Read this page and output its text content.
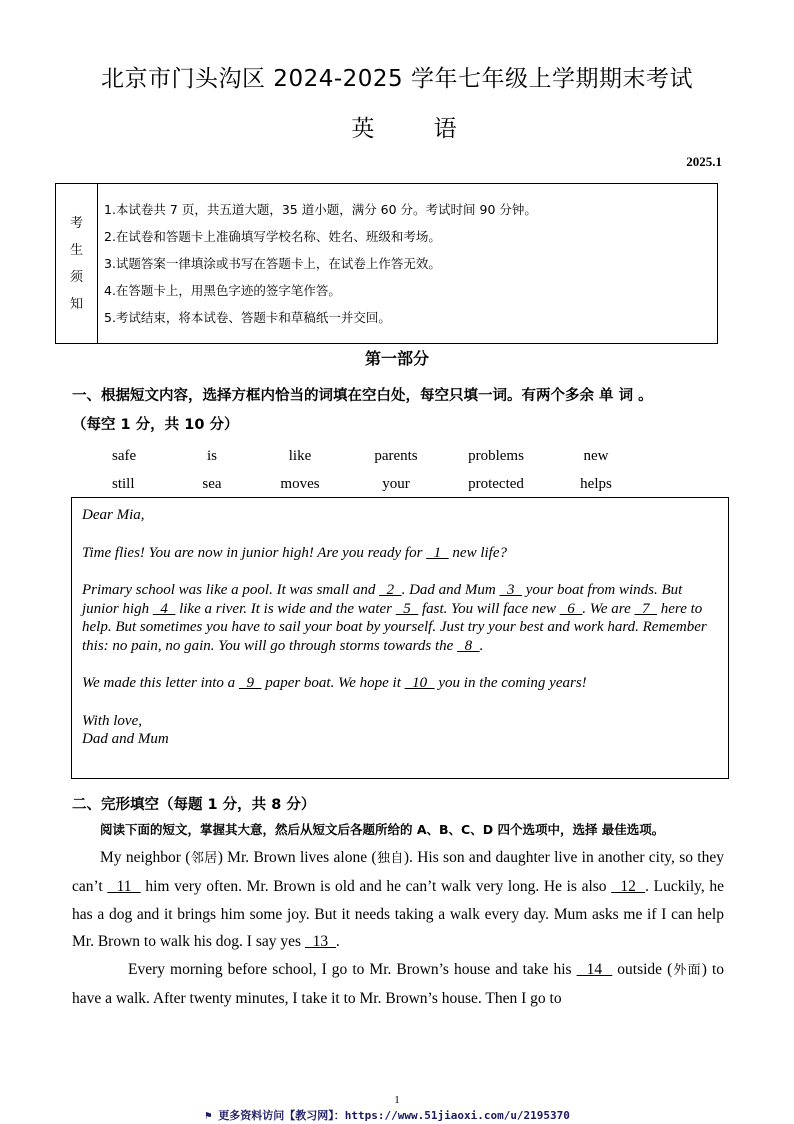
北京市门头沟区 2024-2025 学年七年级上学期期末考试
英 语
2025.1
考
生
须
知
1.本试卷共 7 页，共五道大题，35 道小题，满分 60 分。考试时间 90 分钟。
2.在试卷和答题卡上准确填写学校名称、姓名、班级和考场。
3.试题答案一律填涂或书写在答题卡上，在试卷上作答无效。
4.在答题卡上，用黑色字迹的签字笔作答。
5.考试结束，将本试卷、答题卡和草稿纸一并交回。
第一部分
一、根据短文内容，选择方框内恰当的词填在空白处，每空只填一词。有两个多余 单 词 。
（每空 1 分，共 10 分）
safe	is	like	parents	problems	new
still	sea	moves	your	protected	helps

Dear Mia,

Time flies! You are now in junior high! Are you ready for   1   new life?

Primary school was like a pool. It was small and   2  . Dad and Mum   3   your boat from winds. But junior high   4   like a river. It is wide and the water   5   fast. You will face new   6  . We are   7   here to help. But sometimes you have to sail your boat by yourself. Just try your best and work hard. Remember this: no pain, no gain. You will go through storms towards the   8  .

We made this letter into a   9   paper boat. We hope it   10   you in the coming years!

With love,
Dad and Mum

二、完形填空（每题 1 分，共 8 分）
阅读下面的短文，掌握其大意，然后从短文后各题所给的 A、B、C、D 四个选项中，选择 最佳选项。

My neighbor (邻居) Mr. Brown lives alone (独自). His son and daughter live in another city, so they can’t   11   him very often. Mr. Brown is old and he can’t walk very long. He is also   12  . Luckily, he has a dog and it brings him some joy. But it needs taking a walk every day. Mum asks me if I can help Mr. Brown to walk his dog. I say yes   13  .

Every morning before school, I go to Mr. Brown’s house and take his   14   outside (外面) to have a walk. After twenty minutes, I take it to Mr. Brown’s house. Then I go to

1
⚑ 更多资料访问【教习网】：https://www.51jiaoxi.com/u/2195370
